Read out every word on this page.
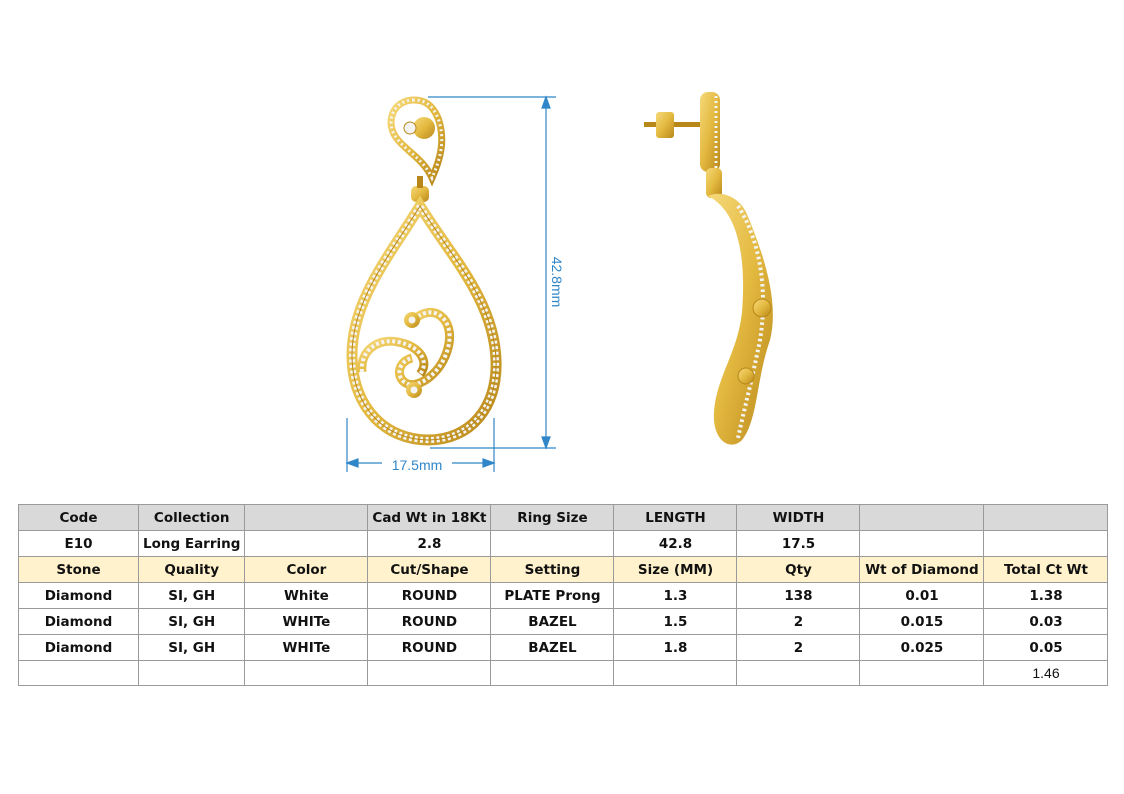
42.8mm
17.5mm
Code	Collection		Cad Wt in 18Kt	Ring Size	LENGTH	WIDTH		
E10	Long Earring		2.8		42.8	17.5		
Stone	Quality	Color	Cut/Shape	Setting	Size (MM)	Qty	Wt of Diamond	Total Ct Wt
Diamond	SI, GH	White	ROUND	PLATE Prong	1.3	138	0.01	1.38
Diamond	SI, GH	WHITe	ROUND	BAZEL	1.5	2	0.015	0.03
Diamond	SI, GH	WHITe	ROUND	BAZEL	1.8	2	0.025	0.05
								1.46
